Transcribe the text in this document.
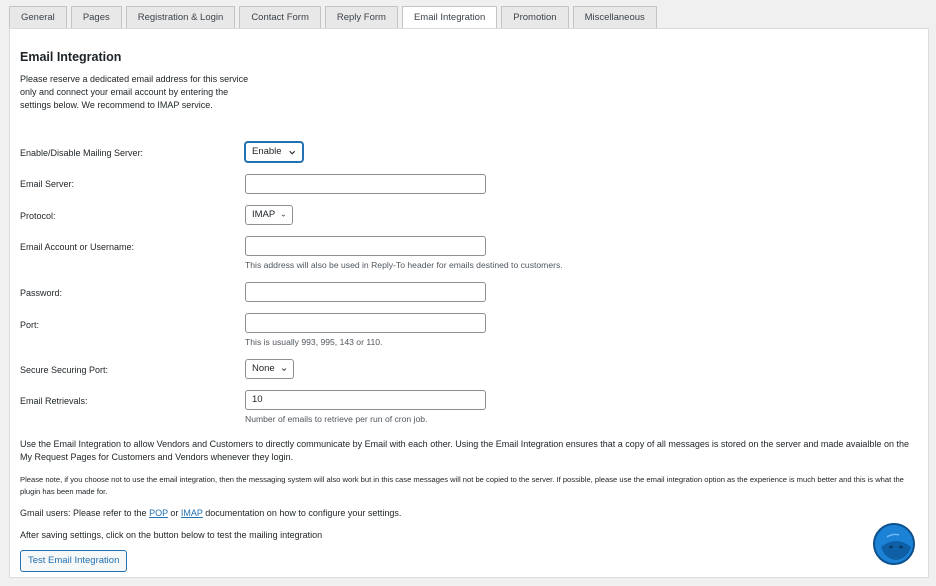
General	Pages	Registration & Login	Contact Form	Reply Form	Email Integration	Promotion	Miscellaneous
Email Integration

Please reserve a dedicated email address for this service only and connect your email account by entering the settings below. We recommend to IMAP service.

Enable/Disable Mailing Server:	Enable
Email Server:
Protocol:	IMAP
Email Account or Username:
This address will also be used in Reply-To header for emails destined to customers.
Password:
Port:
This is usually 993, 995, 143 or 110.
Secure Securing Port:	None
Email Retrievals:	10
Number of emails to retrieve per run of cron job.

Use the Email Integration to allow Vendors and Customers to directly communicate by Email with each other. Using the Email Integration ensures that a copy of all messages is stored on the server and made avaialble on the My Request Pages for Customers and Vendors whenever they login.

Please note, if you choose not to use the email integration, then the messaging system will also work but in this case messages will not be copied to the server. If possible, please use the email integration option as the experience is much better and this is what the plugin has been made for.

Gmail users: Please refer to the POP or IMAP documentation on how to configure your settings.

After saving settings, click on the button below to test the mailing integration

Test Email Integration
